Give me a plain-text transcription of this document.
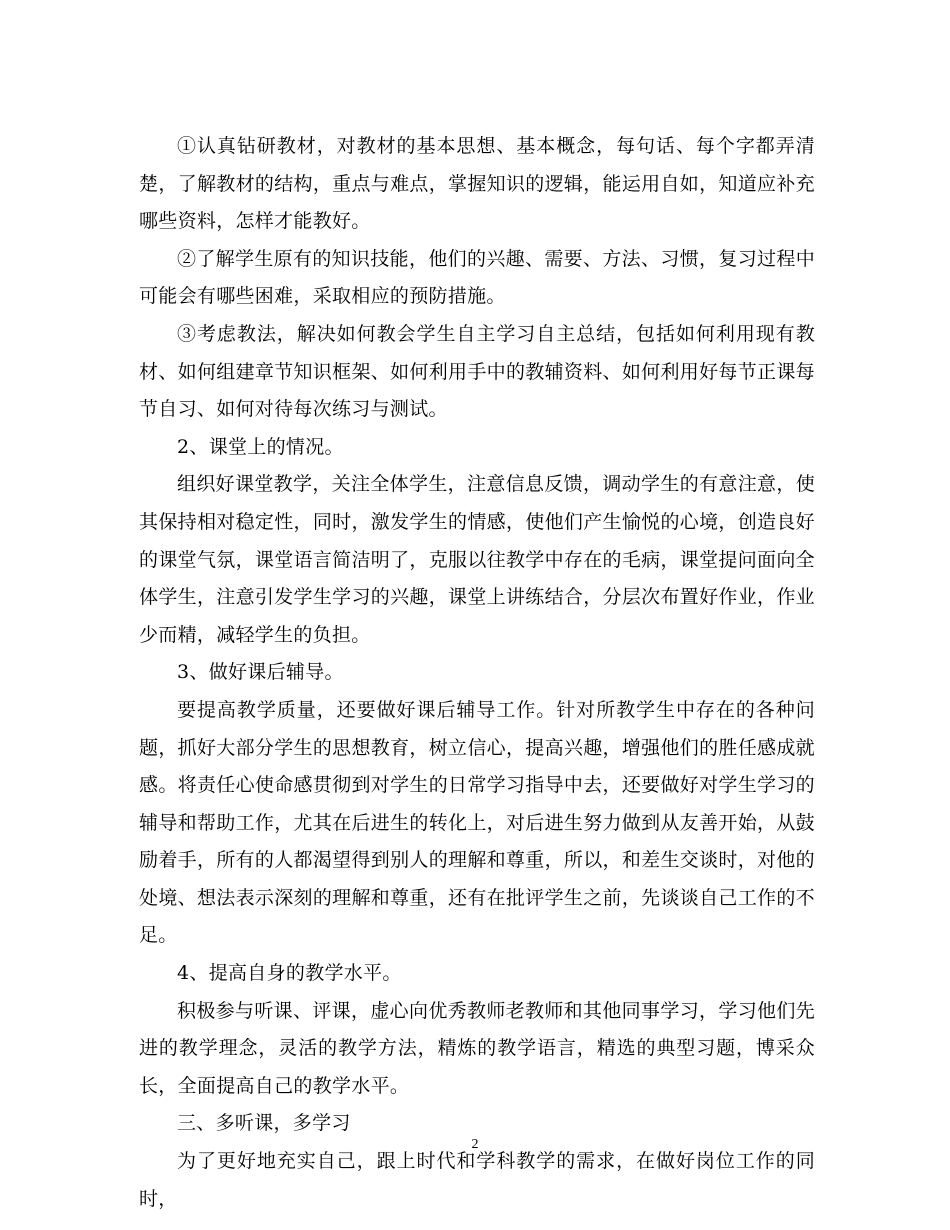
①认真钻研教材，对教材的基本思想、基本概念，每句话、每个字都弄清楚，了解教材的结构，重点与难点，掌握知识的逻辑，能运用自如，知道应补充哪些资料，怎样才能教好。

②了解学生原有的知识技能，他们的兴趣、需要、方法、习惯，复习过程中可能会有哪些困难，采取相应的预防措施。

③考虑教法，解决如何教会学生自主学习自主总结，包括如何利用现有教材、如何组建章节知识框架、如何利用手中的教辅资料、如何利用好每节正课每节自习、如何对待每次练习与测试。

2、课堂上的情况。

组织好课堂教学，关注全体学生，注意信息反馈，调动学生的有意注意，使其保持相对稳定性，同时，激发学生的情感，使他们产生愉悦的心境，创造良好的课堂气氛，课堂语言简洁明了，克服以往教学中存在的毛病，课堂提问面向全体学生，注意引发学生学习的兴趣，课堂上讲练结合，分层次布置好作业，作业少而精，减轻学生的负担。

3、做好课后辅导。

要提高教学质量，还要做好课后辅导工作。针对所教学生中存在的各种问题，抓好大部分学生的思想教育，树立信心，提高兴趣，增强他们的胜任感成就感。将责任心使命感贯彻到对学生的日常学习指导中去，还要做好对学生学习的辅导和帮助工作，尤其在后进生的转化上，对后进生努力做到从友善开始，从鼓励着手，所有的人都渴望得到别人的理解和尊重，所以，和差生交谈时，对他的处境、想法表示深刻的理解和尊重，还有在批评学生之前，先谈谈自己工作的不足。

4、提高自身的教学水平。

积极参与听课、评课，虚心向优秀教师老教师和其他同事学习，学习他们先进的教学理念，灵活的教学方法，精炼的教学语言，精选的典型习题，博采众长，全面提高自己的教学水平。

三、多听课，多学习

为了更好地充实自己，跟上时代和学科教学的需求，在做好岗位工作的同时，

2
